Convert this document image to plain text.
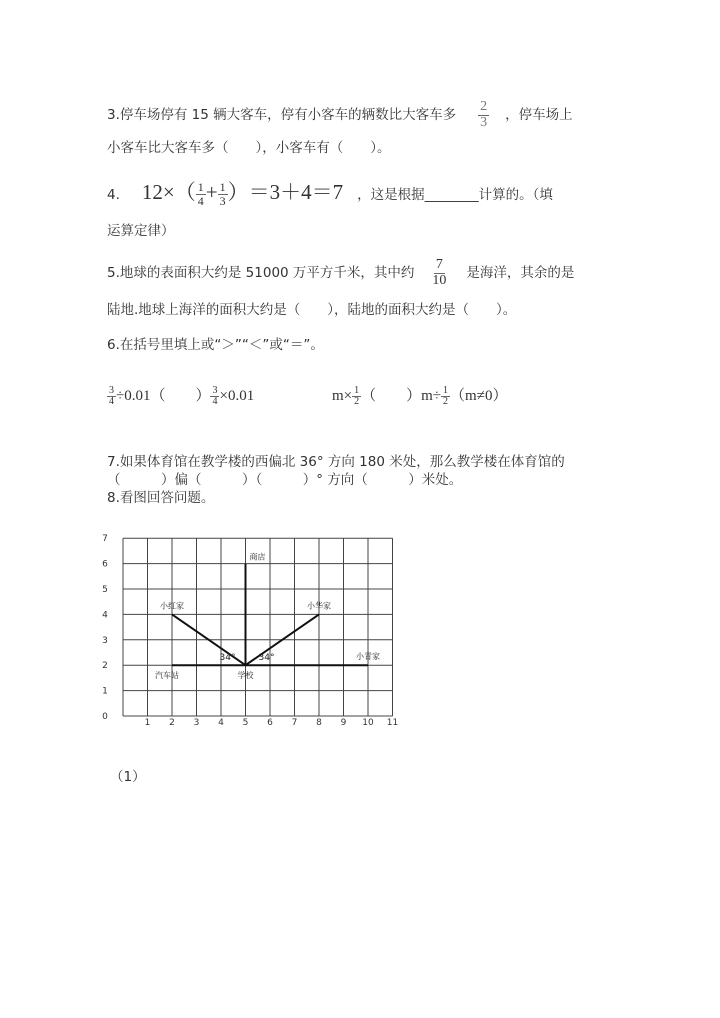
3.停车场停有 15 辆大客车，停有小客车的辆数比大客车多 $\frac{2}{3}$ ，停车场上
小客车比大客车多（　　），小客车有（　　）。
4. $12\times( \frac{1}{4} + \frac{1}{3} )=3+4=7$ ，这是根据________计算的。（填
运算定律）
5.地球的表面积大约是 51000 万平方千米，其中约 $\frac{7}{10}$ 是海洋，其余的是
陆地.地球上海洋的面积大约是（　　），陆地的面积大约是（　　）。
6.在括号里填上或“＞”“＜”或“＝”。
$\frac{3}{4} \div 0.01$（　　） $\frac{3}{4} \times 0.01$	$m\times \frac{1}{2}$ （　　）$m\div \frac{1}{2} (m\ne 0)$
7.如果体育馆在教学楼的西偏北 36° 方向 180 米处，那么教学楼在体育馆的
（　　　）偏（　　　）（　　　）° 方向（　　　）米处。
8.看图回答问题。
1 2 3 4 5 6 7 8 9 10 11
0
1
2
3
4
5
6
7
商店
小红家	小华家
小青家
汽车站	学校
34°	34°
（1）
